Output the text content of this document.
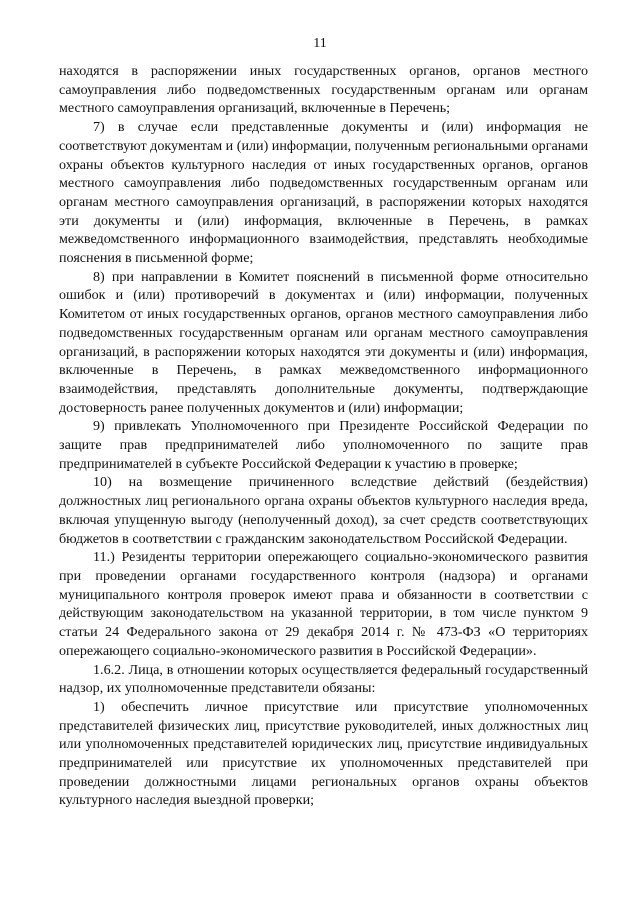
11

находятся в распоряжении иных государственных органов, органов местного самоуправления либо подведомственных государственным органам или органам местного самоуправления организаций, включенные в Перечень;

7) в случае если представленные документы и (или) информация не соответствуют документам и (или) информации, полученным региональными органами охраны объектов культурного наследия от иных государственных органов, органов местного самоуправления либо подведомственных государственным органам или органам местного самоуправления организаций, в распоряжении которых находятся эти документы и (или) информация, включенные в Перечень, в рамках межведомственного информационного взаимодействия, представлять необходимые пояснения в письменной форме;

8) при направлении в Комитет пояснений в письменной форме относительно ошибок и (или) противоречий в документах и (или) информации, полученных Комитетом от иных государственных органов, органов местного самоуправления либо подведомственных государственным органам или органам местного самоуправления организаций, в распоряжении которых находятся эти документы и (или) информация, включенные в Перечень, в рамках межведомственного информационного взаимодействия, представлять дополнительные документы, подтверждающие достоверность ранее полученных документов и (или) информации;

9) привлекать Уполномоченного при Президенте Российской Федерации по защите прав предпринимателей либо уполномоченного по защите прав предпринимателей в субъекте Российской Федерации к участию в проверке;

10) на возмещение причиненного вследствие действий (бездействия) должностных лиц регионального органа охраны объектов культурного наследия вреда, включая упущенную выгоду (неполученный доход), за счет средств соответствующих бюджетов в соответствии с гражданским законодательством Российской Федерации.

11.) Резиденты территории опережающего социально-экономического развития при проведении органами государственного контроля (надзора) и органами муниципального контроля проверок имеют права и обязанности в соответствии с действующим законодательством на указанной территории, в том числе пунктом 9 статьи 24 Федерального закона от 29 декабря 2014 г. № 473-ФЗ «О территориях опережающего социально-экономического развития в Российской Федерации».

1.6.2. Лица, в отношении которых осуществляется федеральный государственный надзор, их уполномоченные представители обязаны:

1) обеспечить личное присутствие или присутствие уполномоченных представителей физических лиц, присутствие руководителей, иных должностных лиц или уполномоченных представителей юридических лиц, присутствие индивидуальных предпринимателей или присутствие их уполномоченных представителей при проведении должностными лицами региональных органов охраны объектов культурного наследия выездной проверки;
